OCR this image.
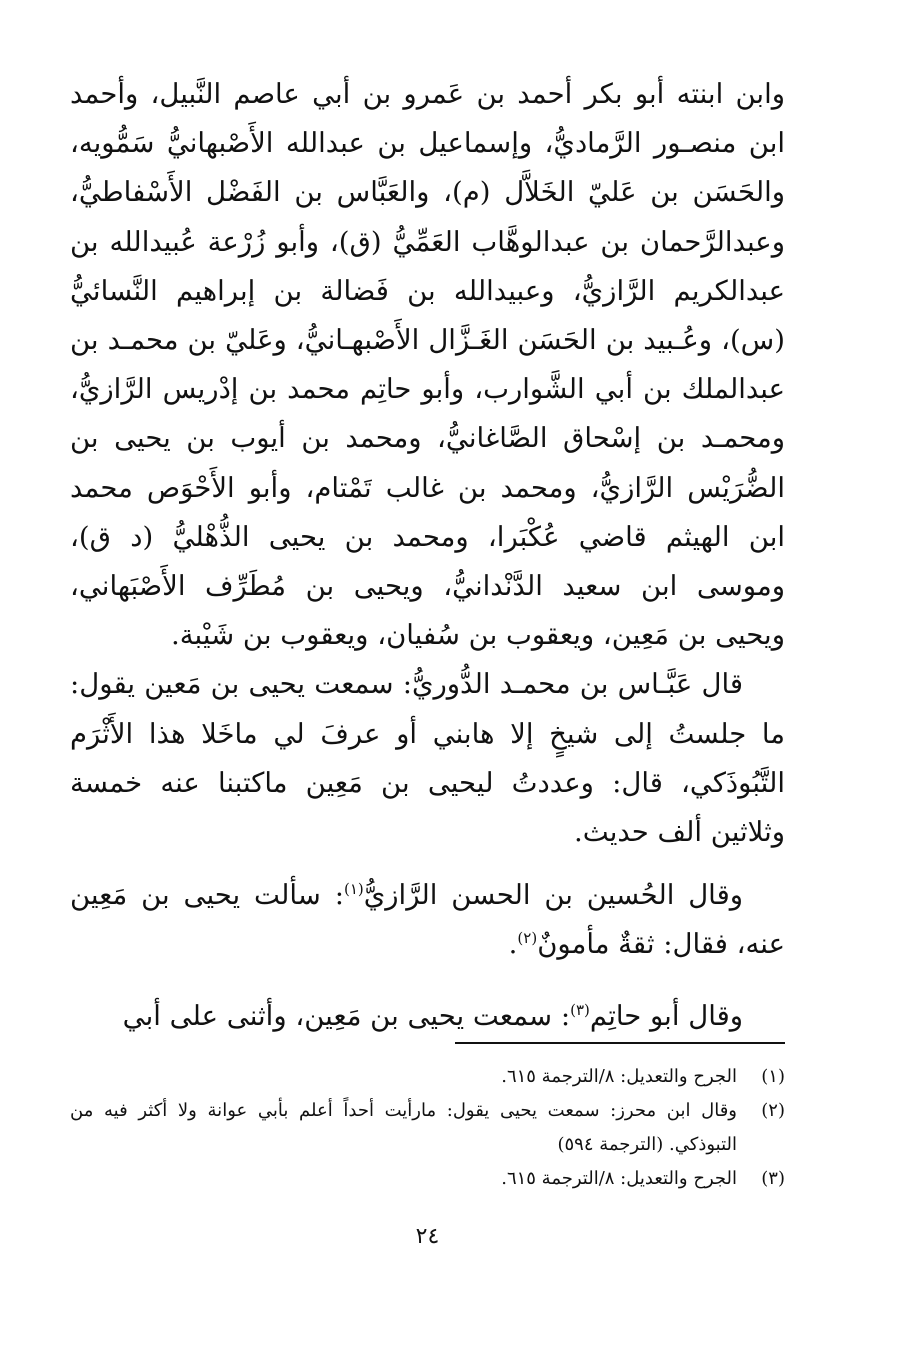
وابن ابنته أبو بكر أحمد بن عَمرو بن أبي عاصم النَّبيل، وأحمد ابن منصـور الرَّماديُّ، وإسماعيل بن عبدالله الأَصْبهانيُّ سَمُّويه، والحَسَن بن عَليّ الخَلاَّل (م)، والعَبَّاس بن الفَضْل الأَسْفاطيُّ، وعبدالرَّحمان بن عبدالوهَّاب العَمِّيُّ (ق)، وأبو زُرْعة عُبيدالله بن عبدالكريم الرَّازيُّ، وعبيدالله بن فَضالة بن إبراهيم النَّسائيُّ (س)، وعُـبيد بن الحَسَن الغَـزَّال الأَصْبهـانيُّ، وعَليّ بن محمـد بن عبدالملك بن أبي الشَّوارب، وأبو حاتِم محمد بن إدْريس الرَّازيُّ، ومحمـد بن إسْحاق الصَّاغانيُّ، ومحمد بن أيوب بن يحيى بن الضُّرَيْس الرَّازيُّ، ومحمد بن غالب تَمْتام، وأبو الأَحْوَص محمد ابن الهيثم قاضي عُكْبَرا، ومحمد بن يحيى الذُّهْليُّ (د ق)، وموسى ابن سعيد الدَّنْدانيُّ، ويحيى بن مُطَرِّف الأَصْبَهاني، ويحيى بن مَعِين، ويعقوب بن سُفيان، ويعقوب بن شَيْبة.

قال عَبَّـاس بن محمـد الدُّوريُّ: سمعت يحيى بن مَعين يقول: ما جلستُ إلى شيخٍ إلا هابني أو عرفَ لي ماخَلا هذا الأَثْرَم التَّبُوذَكي، قال: وعددتُ ليحيى بن مَعِين ماكتبنا عنه خمسة وثلاثين ألف حديث.

وقال الحُسين بن الحسن الرَّازيُّ$^{(١)}$: سألت يحيى بن مَعِين عنه، فقال: ثقةٌ مأمونٌ$^{(٢)}$.

وقال أبو حاتِم$^{(٣)}$: سمعت يحيى بن مَعِين، وأثنى على أبي

(١)
الجرح والتعديل: ٨/الترجمة ٦١٥.
(٢)
وقال ابن محرز: سمعت يحيى يقول: مارأيت أحداً أعلم بأبي عوانة ولا أكثر فيه من التبوذكي. (الترجمة ٥٩٤)
(٣)
الجرح والتعديل: ٨/الترجمة ٦١٥.
٢٤
